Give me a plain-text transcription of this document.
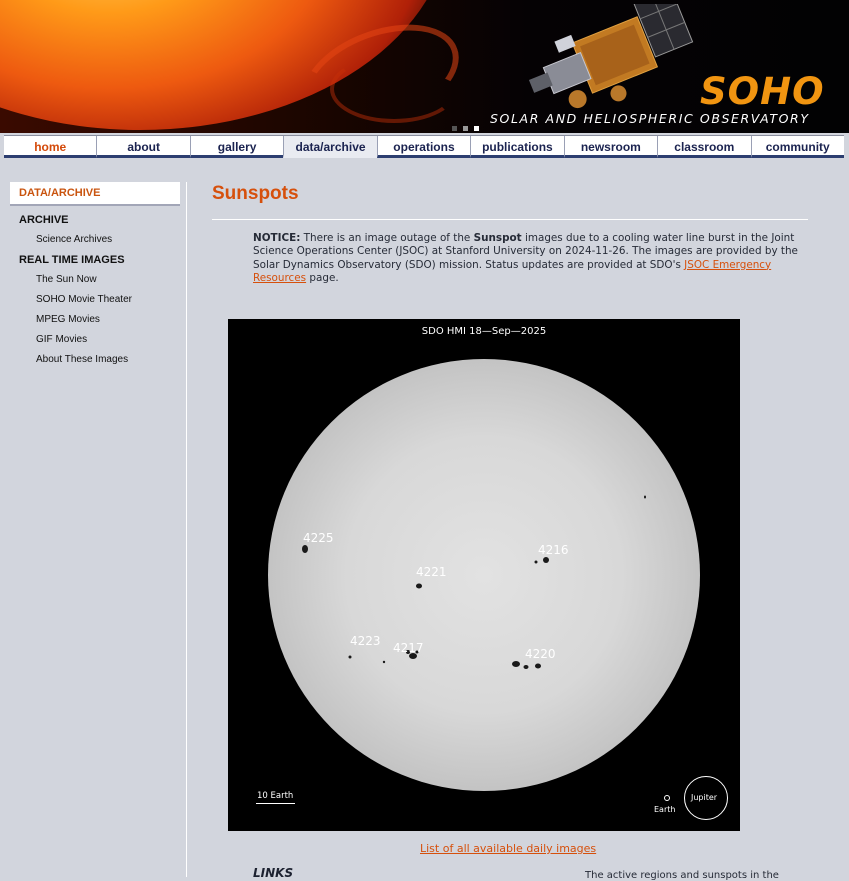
SOHO
SOLAR AND HELIOSPHERIC OBSERVATORY
home	about	gallery	data/archive	operations	publications	newsroom	classroom	community
DATA/ARCHIVE
ARCHIVE
Science Archives
REAL TIME IMAGES
The Sun Now
SOHO Movie Theater
MPEG Movies
GIF Movies
About These Images
Sunspots
NOTICE: There is an image outage of the Sunspot images due to a cooling water line burst in the Joint Science Operations Center (JSOC) at Stanford University on 2024-11-26. The images are provided by the Solar Dynamics Observatory (SDO) mission. Status updates are provided at SDO's JSOC Emergency Resources page.
SDO HMI 18—Sep—2025
4225
4216
4221
4223 4217	4220
10 Earth
Earth
Jupiter
List of all available daily images
LINKS	The active regions and sunspots in the
